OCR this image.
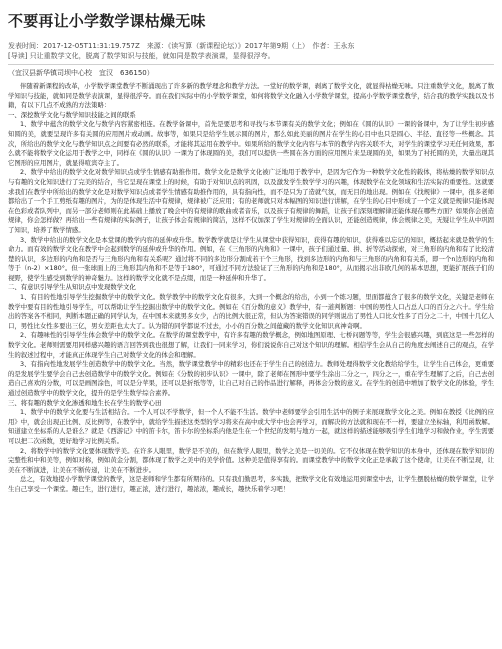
不要再让小学数学课枯燥无味
发表时间：2017-12-05T11:31:19.757Z　来源：《读写算（新课程论坛）》2017年第9期（上）　作者：王永东
[导读] 只让重数学文化，脱离了数学知识与技能，就如同是数学表演课，显得很浮夸。
（宜汉县新华镇司坝中心校　宜汉　636150）

伴随着新课程的改革，小学数学课堂教学不断涌现出了许多新的教学理念和教学方法。一堂好的数学课，剥离了数学文化，就显得枯燥无味。只注重数学文化，脱离了数学知识与技能，就如同是数学表演课，显得很浮夸。而在我们实际中的小学数学课堂，如何将数学文化融入小学数学课堂，提高小学数学课堂教学，结合我的教学实践以及书籍，有以下几点不成熟的方法策略：

一、深挖数学文化与数学知识技能之间的联系

1、数学中蕴含的数学文化与数学内容紧密相连。在教学备课中，首先是要思考和寻找与本节课有关的数学文化；例如在《圆的认识》一课的备课中，为了让学生初步感知圆的美，就要呈现许多有关圆的应用图片或动画。故事等，如果只是给学生展示圆的图片，那么如此美丽的图片在学生的心目中也只是圆心、半径、直径等一些概念。其次，所给出的数学文化与教学知识点之间要有必然的联系，才能将其运用在教学中。如果所给的数学文化内容与本节的教学内容关联不大，对学生的课堂学习无任何效果，那么就不能将数学文化运用于教学之中，同样在《圆的认识》一课为了体现圆的美，我们可以提供一些圆在各方面的应用图片来呈现圆的美，如果为了衬托圆的美，大量出现其它图形的应用图片，就显得喧宾夺主了。

2、数学中给出的数学文化对数学知识点或学生情感有助推作用。数学文化是数学文化被广泛地用于教学中，是因为它作为一种数学文化性的载体，将枯燥的数学知识点与有趣的文化知识进行了完美的结合，当它呈现在课堂上的时候，有助于对知识点的巩固，以及激发学生数学学习的兴趣，体现数学在文化领域和生活实际的重要性。这就要求我们在教学中所给出的数学文化是对数学知识点或者学生情感有助推作用的，具有指向性，而不是只为了造就气氛，而无目的地出现。例如在《找规律》一课中，很多老师都给出了一个手工剪纸有趣的图片，为的是体现生活中有规律，规律被广泛应用；有的老师就只对本幅图的知识进行讲解，在学生的心目中形成了一个定义就是规律只能体现在色彩或者队列中，而另一部分老师则在此基础上播放了晚会中的有规律的歌曲或者音乐，以及孩子有规律的舞蹈，让孩子们深刻理解律还能体现在哪些方面？如果你会创造规律，你会怎样做？再给出一些有规律的实际例子，让孩子体会有规律的简洁，这样不仅加深了学生对规律的全面认识，还能创造规律，体会规律之美，无疑让学生从中巩固了知识，培养了数学情感。

3、数学中给出的数学文化是本堂课的教学内容的延伸或升华。数学教学就是让学生从课堂中获得知识，获得有趣的知识，获得难以忘记的知识，概括起来就是数学的生命力。而有效的数学文化在教学中会起到数学的延伸或升华的作用。例如，在《三角形的内角和》一课中，孩子们通过量、拼、折等活动探索，对三角形的内角和有了比较清楚的认识，多边形的内角和是否与三角形内角和有关系呢？通过将不同的多边形分割成若干个三角形，找到多边形的内角和与三角形的内角和有关系，即一个n边形的内角和等于（n-2）×180°。但一张球面上的三角形其内角和不是等于180°，可通过不同方法验证了三角形的内角和是180°，从而揭示出非欧几何的基本思想，更能扩展孩子们的视野，使学生感受到数学的神奇魅力。这样的数学文化就不是点缀，而是一种延伸和升华了。

二、有意识引导学生从知识点中发现数学文化

1、有目的性地引导学生挖掘数学中的数学文化。数学教学中的数学文化有很多，大到一个概念的给出，小到一个练习题，里面都蕴含了很多的数学文化，关键是老师在教学中要有目的性地引导学生，可以帮助让学生挖掘出数学中的数学文化。例如在《百分数的意义》教学中，有一道判断题：中国的男性人口占总人口的百分之六十。学生给出的答案各不相同，判断本题正确的同学认为，在中国本来就男多女少，占的比例大很正常，但认为答案错误的同学则说出了男性人口比女性多了百分之二十，中国十几亿人口，男性比女性多要出三亿，男女差距也太大了。认为错的同学都说不过去，小小的百分数之间蕴藏的数学文化知识真神奇啊。

2、有趣味性的引导学生体会数学中的数学文化。在数学的课堂教学中，有许多有趣的数学概念，例如地图原理、七桥问题等等，学生会很感兴趣，到底这是一些怎样的数学文化。老师则需要用同样感兴趣的语言回答到我也很想了解，让我们一同来学习，你们说说你自己对这个知识的理解。相信学生会从自己的角度去阐述自己的观点，在学生的叙述过程中，才能真正体现学生自己对数学文化的体会和理解。

3、有指向性地发展学生创造数学中的数学文化。当然，数学课堂教学中的精彩也还在于学生自己的创造力。教师处理得数学文化教给给学生，让学生自己体会，更重要的是发展学生要学会自己去创造数学中的数学文化。例如在《分数的初步认识》一课中，除了老师在图形中要学生涂出二分之一，四分之一，重在学生理解了之后，自己去创造自己喜欢的分数，可以是画图涂色，可以是分苹果，还可以是折纸等等，让自己对自己的作品进行解释，再体会分数的意义。在学生的创造中增加了数学文化的体验，学生通过创造数学中的数学文化，提升的是学生数学综合素养。

三、将有趣的数学文化渗透和地生长在学生的数学心田

1、数学中的数学文化要与生活相结合。一个人可以不学数学，但一个人不能不生活。数学中老师要学会引用生活中的例子来展现数学文化之美。例如在教授《比例的应用》中，就会出现正比例、反比例等，在教学中，就给学生描述这类型的学习将来在高中或大学中也会再学习，而解决的方法就和现在不一样，要建立坐标轴，利用函数解。知道建立坐标系的人是谁么？就是《西游记》中的笛卡尔，笛卡尔的坐标系内他是生在一个世纪的发明与地方一起，就这样的描述能够吸引学生们地学习和做作业，学生需要可以把二次函数，更好地学习比例关系。

2、将数学中的数学文化要体现数学美。在许多人眼里，数学是不美的，但在数学人眼里，数学之美是一切美的。它不仅体现在数学知识的本身中，还体现在数学知识的完整性和中和美等，例如对称，例如黄金分割，都体现了数学之美中的美学价值。这种美是值得享有的。而课堂教学中的数学文化正是承载了这个使命，让美在不断呈现，让美在不断演进，让美在不断传递，让美在不断进步。

总之，有效地提小学数学课堂的教学，这是老师和学生都有所期待的。只有我们勤思考，多实践，把数学文化有效地运用到课堂中去，让学生摆脱枯燥的数学课堂，让学生自己享受一个课堂。趣已生，进行进行，趣正浓，进行进行，趣浓浓，趣成长，趣快乐着学习吧！
